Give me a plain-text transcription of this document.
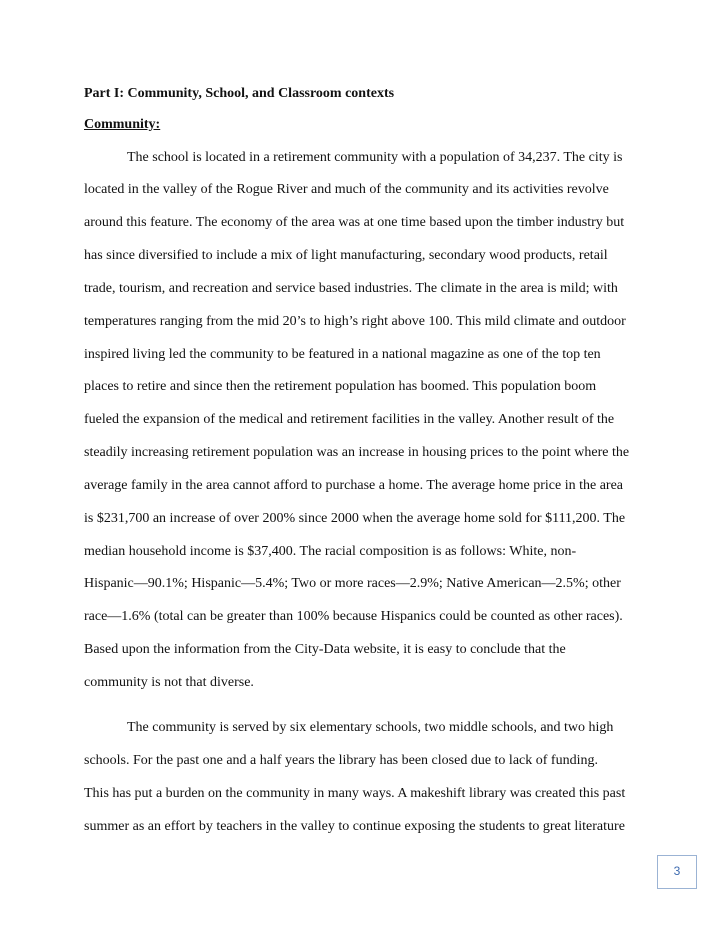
Part I: Community, School, and Classroom contexts
Community:
The school is located in a retirement community with a population of 34,237. The city is
located in the valley of the Rogue River and much of the community and its activities revolve
around this feature. The economy of the area was at one time based upon the timber industry but
has since diversified to include a mix of light manufacturing, secondary wood products, retail
trade, tourism, and recreation and service based industries. The climate in the area is mild; with
temperatures ranging from the mid 20’s to high’s right above 100. This mild climate and outdoor
inspired living led the community to be featured in a national magazine as one of the top ten
places to retire and since then the retirement population has boomed. This population boom
fueled the expansion of the medical and retirement facilities in the valley. Another result of the
steadily increasing retirement population was an increase in housing prices to the point where the
average family in the area cannot afford to purchase a home. The average home price in the area
is $231,700 an increase of over 200% since 2000 when the average home sold for $111,200. The
median household income is $37,400. The racial composition is as follows: White, non-
Hispanic—90.1%; Hispanic—5.4%; Two or more races—2.9%; Native American—2.5%; other
race—1.6% (total can be greater than 100% because Hispanics could be counted as other races).
Based upon the information from the City-Data website, it is easy to conclude that the
community is not that diverse.
The community is served by six elementary schools, two middle schools, and two high
schools. For the past one and a half years the library has been closed due to lack of funding.
This has put a burden on the community in many ways. A makeshift library was created this past
summer as an effort by teachers in the valley to continue exposing the students to great literature
3
